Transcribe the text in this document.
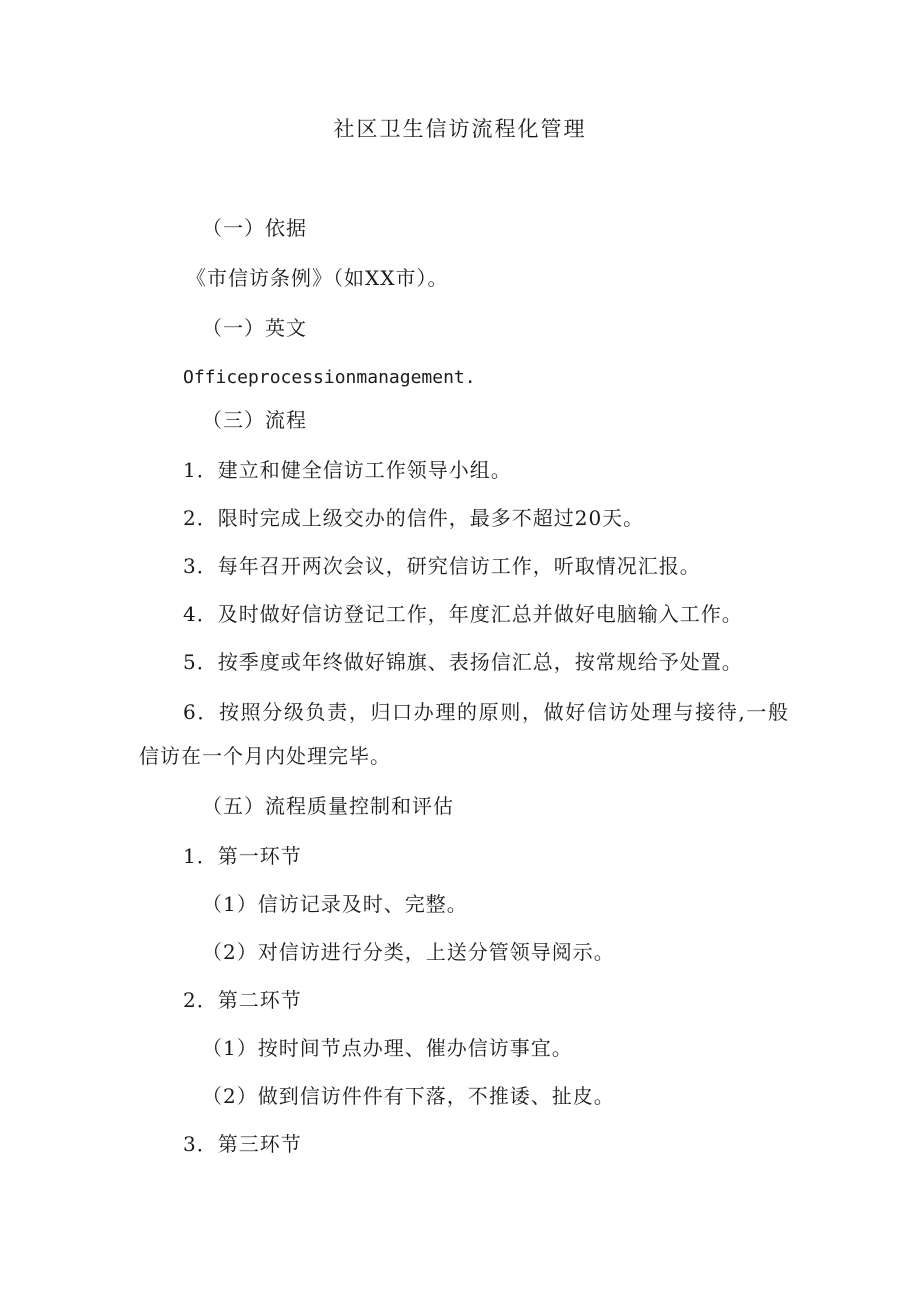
社区卫生信访流程化管理
（一）依据
《市信访条例》（如XX市）。
（一）英文
Officeprocessionmanagement.
（三）流程
1．建立和健全信访工作领导小组。
2．限时完成上级交办的信件，最多不超过20天。
3．每年召开两次会议，研究信访工作，听取情况汇报。
4．及时做好信访登记工作，年度汇总并做好电脑输入工作。
5．按季度或年终做好锦旗、表扬信汇总，按常规给予处置。
6．按照分级负责，归口办理的原则，做好信访处理与接待,一般信访在一个月内处理完毕。
（五）流程质量控制和评估
1．第一环节
（1）信访记录及时、完整。
（2）对信访进行分类，上送分管领导阅示。
2．第二环节
（1）按时间节点办理、催办信访事宜。
（2）做到信访件件有下落，不推诿、扯皮。
3．第三环节
